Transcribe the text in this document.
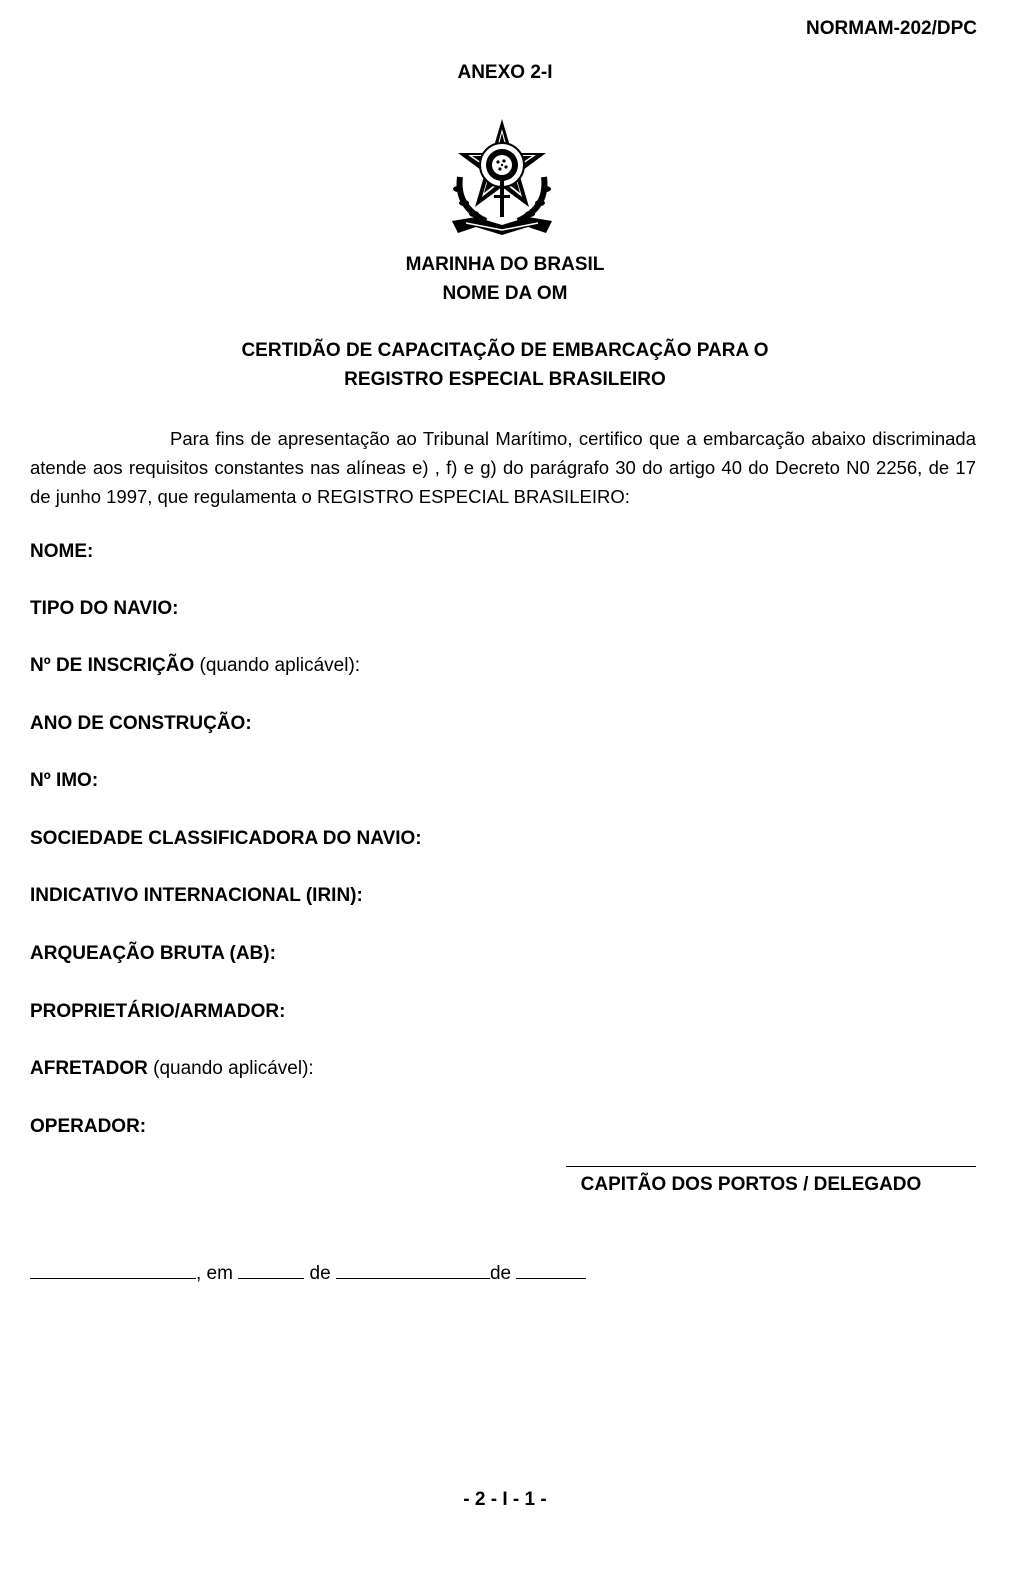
NORMAM-202/DPC
ANEXO 2-I
MARINHA DO BRASIL
NOME DA OM
CERTIDÃO DE CAPACITAÇÃO DE EMBARCAÇÃO PARA O
REGISTRO ESPECIAL BRASILEIRO
Para fins de apresentação ao Tribunal Marítimo, certifico que a embarcação abaixo discriminada atende aos requisitos constantes nas alíneas e) , f) e g) do parágrafo 30 do artigo 40 do Decreto N0 2256, de 17 de junho 1997, que regulamenta o REGISTRO ESPECIAL BRASILEIRO:
NOME:
TIPO DO NAVIO:
Nº DE INSCRIÇÃO (quando aplicável):
ANO DE CONSTRUÇÃO:
Nº IMO:
SOCIEDADE CLASSIFICADORA DO NAVIO:
INDICATIVO INTERNACIONAL (IRIN):
ARQUEAÇÃO BRUTA (AB):
PROPRIETÁRIO/ARMADOR:
AFRETADOR (quando aplicável):
OPERADOR:
CAPITÃO DOS PORTOS / DELEGADO
, em	de	de
- 2 - I - 1 -
